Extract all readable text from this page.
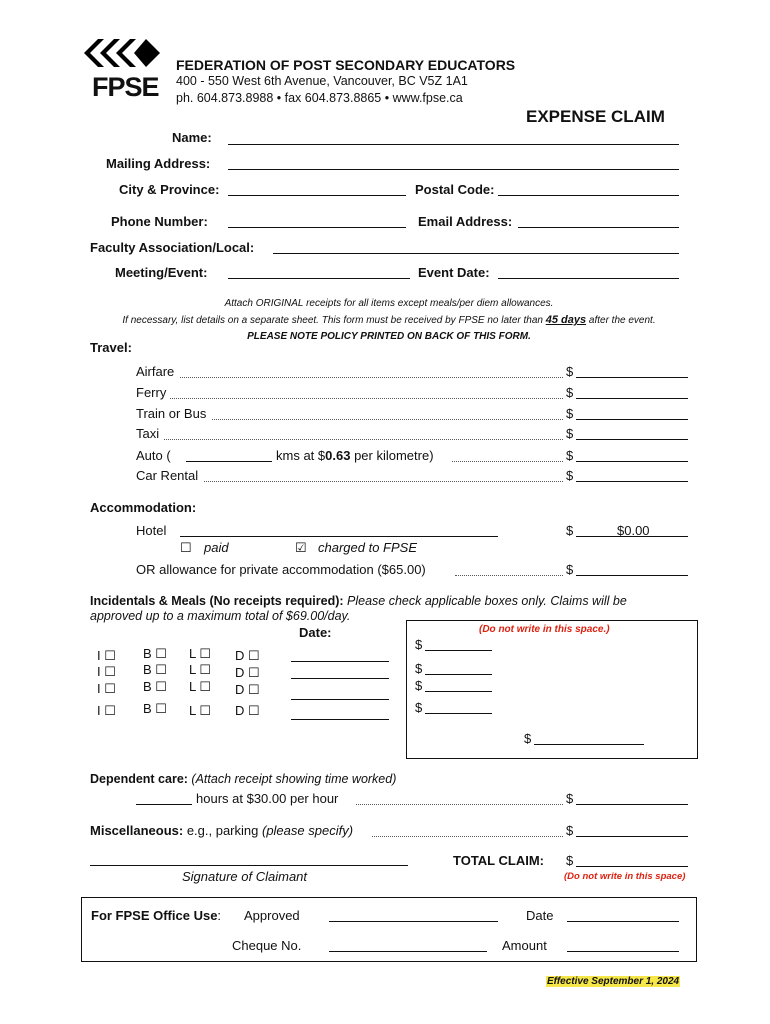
FPSE
FEDERATION OF POST SECONDARY EDUCATORS
400 - 550 West 6th Avenue, Vancouver, BC V5Z 1A1
ph. 604.873.8988 • fax 604.873.8865 • www.fpse.ca
EXPENSE CLAIM
Name:
Mailing Address:
City & Province:	Postal Code:
Phone Number:	Email Address:
Faculty Association/Local:
Meeting/Event:	Event Date:
Attach ORIGINAL receipts for all items except meals/per diem allowances.
If necessary, list details on a separate sheet. This form must be received by FPSE no later than 45 days after the event.
PLEASE NOTE POLICY PRINTED ON BACK OF THIS FORM.
Travel:
Airfare	$
Ferry	$
Train or Bus	$
Taxi	$
Auto (	kms at $0.63 per kilometre)	$
Car Rental	$
Accommodation:
Hotel	$	$0.00
☐ paid	☑ charged to FPSE
OR allowance for private accommodation ($65.00)	$
Incidentals & Meals (No receipts required): Please check applicable boxes only. Claims will be
approved up to a maximum total of $69.00/day.
Date:
I ☐ B ☐ L ☐ D ☐
I ☐ B ☐ L ☐ D ☐
I ☐ B ☐ L ☐ D ☐
I ☐ B ☐ L ☐ D ☐
(Do not write in this space.)
$
$
$
$
$
Dependent care: (Attach receipt showing time worked)
hours at $30.00 per hour	$
Miscellaneous: e.g., parking (please specify)	$
Signature of Claimant
TOTAL CLAIM: $
(Do not write in this space)
For FPSE Office Use: Approved	Date
Cheque No.	Amount
Effective September 1, 2024
